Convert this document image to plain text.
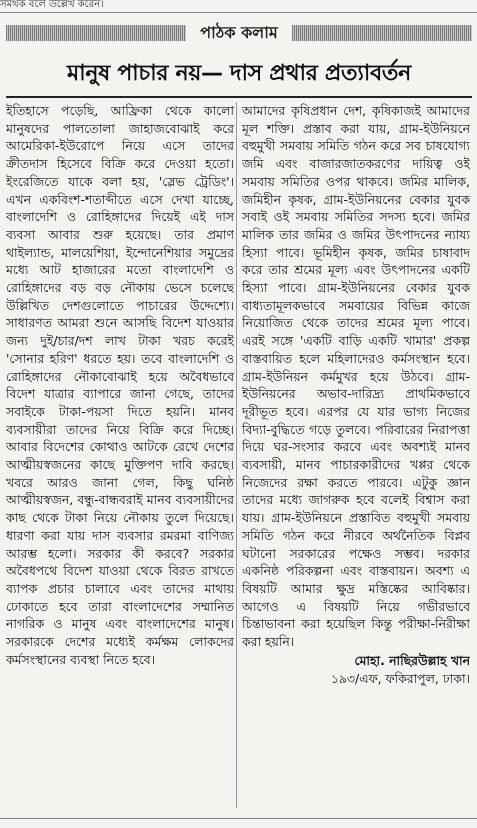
সমর্থক বলে উল্লেখ করেন।
পাঠক কলাম
মানুষ পাচার নয়— দাস প্রথার প্রত্যাবর্তন

ইতিহাসে পড়েছি, আফ্রিকা থেকে কালো মানুষদের পালতোলা জাহাজবোঝাই করে আমেরিকা-ইউরোপে নিয়ে এসে তাদের ক্রীতদাস হিসেবে বিক্রি করে দেওয়া হতো। ইংরেজিতে যাকে বলা হয়, 'স্লেভ ট্রেডিং'। এখন একবিংশ-শতাব্দীতে এসে দেখা যাচ্ছে, বাংলাদেশি ও রোহিঙ্গাদের দিয়েই এই দাস ব্যবসা আবার শুরু হয়েছে। তার প্রমাণ থাইল্যান্ড, মালয়েশিয়া, ইন্দোনেশিয়ার সমুদ্রের মধ্যে আট হাজারের মতো বাংলাদেশি ও রোহিঙ্গাদের বড় বড় নৌকায় ভেসে চলেছে উল্লিখিত দেশগুলোতে পাচারের উদ্দেশ্যে। সাধারণত আমরা শুনে আসছি বিদেশ যাওয়ার জন্য দুই/চার/দশ লাখ টাকা খরচ করেই 'সোনার হরিণ' ধরতে হয়। তবে বাংলাদেশি ও রোহিঙ্গাদের নৌকাবোঝাই হয়ে অবৈধভাবে বিদেশ যাত্রার ব্যাপারে জানা গেছে, তাদের সবাইকে টাকা-পয়সা দিতে হয়নি। মানব ব্যবসায়ীরা তাদের নিয়ে বিক্রি করে দিচ্ছে। আবার বিদেশের কোথাও আটকে রেখে দেশের আত্মীয়স্বজনের কাছে মুক্তিপণ দাবি করছে। খবরে আরও জানা গেল, কিছু ঘনিষ্ঠ আত্মীয়স্বজন, বন্ধু-বান্ধবরাই মানব ব্যবসায়ীদের কাছ থেকে টাকা নিয়ে নৌকায় তুলে দিয়েছে। ধারণা করা যায় দাস ব্যবসার রমরমা বাণিজ্য আরম্ভ হলো। সরকার কী করবে? সরকার অবৈধপথে বিদেশ যাওয়া থেকে বিরত রাখতে ব্যাপক প্রচার চালাবে এবং তাদের মাথায় ঢোকাতে হবে তারা বাংলাদেশের সম্মানিত নাগরিক ও মানুষ এবং বাংলাদেশের মানুষ। সরকারকে দেশের মধ্যেই কর্মক্ষম লোকদের কর্মসংস্থানের ব্যবস্থা নিতে হবে।

আমাদের কৃষিপ্রধান দেশ, কৃষিকাজই আমাদের মূল শক্তি। প্রস্তাব করা যায়, গ্রাম-ইউনিয়নে বহুমুখী সমবায় সমিতি গঠন করে সব চাষযোগ্য জমি এবং বাজারজাতকরণের দায়িত্ব ওই সমবায় সমিতির ওপর থাকবে। জমির মালিক, জমিহীন কৃষক, গ্রাম-ইউনিয়নের বেকার যুবক সবাই ওই সমবায় সমিতির সদস্য হবে। জমির মালিক তার জমির ও জমির উৎপাদনের ন্যায্য হিস্যা পাবে। ভূমিহীন কৃষক, জমির চাষাবাদ করে তার শ্রমের মূল্য এবং উৎপাদনের একটি হিস্যা পাবে। গ্রাম-ইউনিয়নের বেকার যুবক বাধ্যতামূলকভাবে সমবায়ের বিভিন্ন কাজে নিয়োজিত থেকে তাদের শ্রমের মূল্য পাবে। এরই সঙ্গে 'একটি বাড়ি একটি খামার' প্রকল্প বাস্তবায়িত হলে মহিলাদেরও কর্মসংস্থান হবে। গ্রাম-ইউনিয়ন কর্মমুখর হয়ে উঠবে। গ্রাম-ইউনিয়নের অভাব-দারিদ্র্য প্রাথমিকভাবে দূরীভূত হবে। এরপর যে যার ভাগ্য নিজের বিদ্যা-বুদ্ধিতে গড়ে তুলবে। পরিবারের নিরাপত্তা দিয়ে ঘর-সংসার করবে এবং অবশ্যই মানব ব্যবসায়ী, মানব পাচারকারীদের খপ্পর থেকে নিজেদের রক্ষা করতে পারবে। এটুকু জ্ঞান তাদের মধ্যে জাগরুক হবে বলেই বিশ্বাস করা যায়। গ্রাম-ইউনিয়নে প্রস্তাবিত বহুমুখী সমবায় সমিতি গঠন করে নীরবে অর্থনৈতিক বিপ্লব ঘটানো সরকারের পক্ষেও সম্ভব। দরকার একনিষ্ঠ পরিকল্পনা এবং বাস্তবায়ন। অবশ্য এ বিষয়টি আমার ক্ষুদ্র মস্তিষ্কের আবিষ্কার। আগেও এ বিষয়টি নিয়ে গভীরভাবে চিন্তাভাবনা করা হয়েছিল কিন্তু পরীক্ষা-নিরীক্ষা করা হয়নি।

মোহা. নাছিরউল্লাহ খান
১৯৩/এফ, ফকিরাপুল, ঢাকা।
